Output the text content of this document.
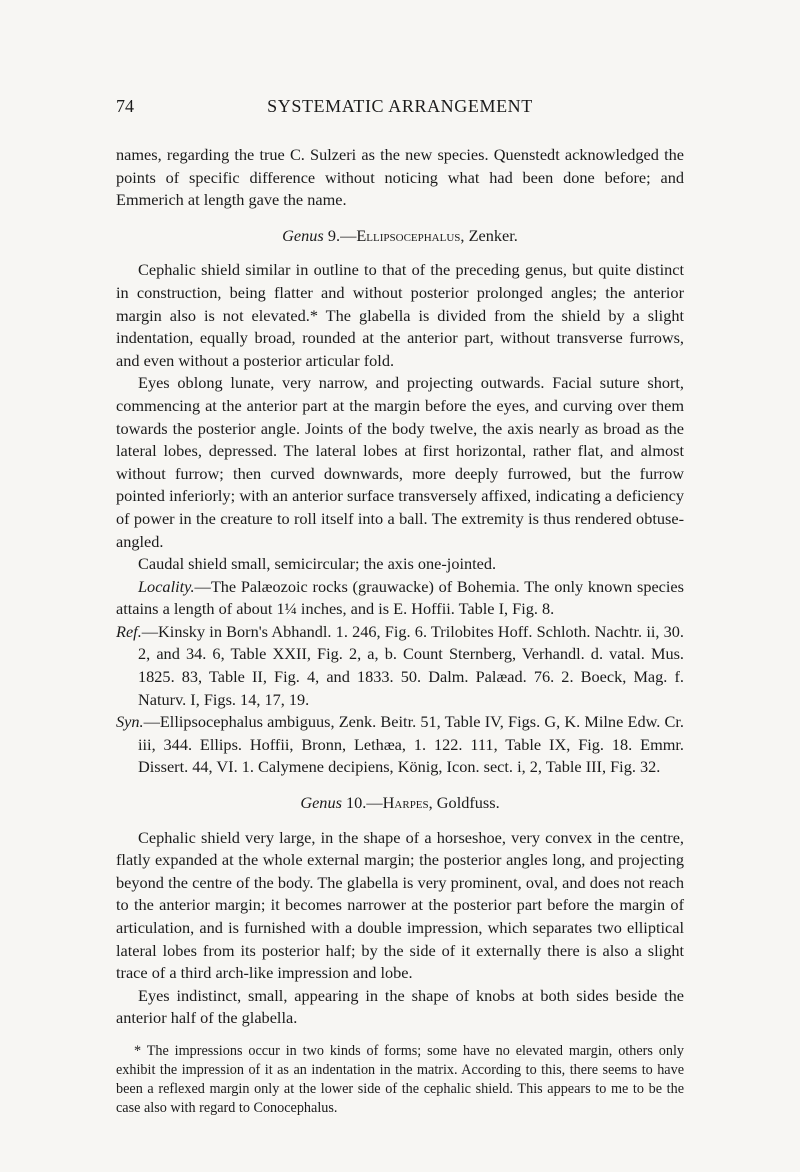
74	SYSTEMATIC ARRANGEMENT

names, regarding the true C. Sulzeri as the new species. Quenstedt acknowledged the points of specific difference without noticing what had been done before; and Emmerich at length gave the name.

Genus 9.—Ellipsocephalus, Zenker.

Cephalic shield similar in outline to that of the preceding genus, but quite distinct in construction, being flatter and without posterior prolonged angles; the anterior margin also is not elevated.* The glabella is divided from the shield by a slight indentation, equally broad, rounded at the anterior part, without transverse furrows, and even without a posterior articular fold.

Eyes oblong lunate, very narrow, and projecting outwards. Facial suture short, commencing at the anterior part at the margin before the eyes, and curving over them towards the posterior angle. Joints of the body twelve, the axis nearly as broad as the lateral lobes, depressed. The lateral lobes at first horizontal, rather flat, and almost without furrow; then curved downwards, more deeply furrowed, but the furrow pointed inferiorly; with an anterior surface transversely affixed, indicating a deficiency of power in the creature to roll itself into a ball. The extremity is thus rendered obtuse-angled.

Caudal shield small, semicircular; the axis one-jointed.

Locality.—The Palæozoic rocks (grauwacke) of Bohemia. The only known species attains a length of about 1¼ inches, and is E. Hoffii. Table I, Fig. 8.

Ref.—Kinsky in Born's Abhandl. 1. 246, Fig. 6. Trilobites Hoff. Schloth. Nachtr. ii, 30. 2, and 34. 6, Table XXII, Fig. 2, a, b. Count Sternberg, Verhandl. d. vatal. Mus. 1825. 83, Table II, Fig. 4, and 1833. 50. Dalm. Palæad. 76. 2. Boeck, Mag. f. Naturv. I, Figs. 14, 17, 19.

Syn.—Ellipsocephalus ambiguus, Zenk. Beitr. 51, Table IV, Figs. G, K. Milne Edw. Cr. iii, 344. Ellips. Hoffii, Bronn, Lethæa, 1. 122. 111, Table IX, Fig. 18. Emmr. Dissert. 44, VI. 1. Calymene decipiens, König, Icon. sect. i, 2, Table III, Fig. 32.

Genus 10.—Harpes, Goldfuss.

Cephalic shield very large, in the shape of a horseshoe, very convex in the centre, flatly expanded at the whole external margin; the posterior angles long, and projecting beyond the centre of the body. The glabella is very prominent, oval, and does not reach to the anterior margin; it becomes narrower at the posterior part before the margin of articulation, and is furnished with a double impression, which separates two elliptical lateral lobes from its posterior half; by the side of it externally there is also a slight trace of a third arch-like impression and lobe.

Eyes indistinct, small, appearing in the shape of knobs at both sides beside the anterior half of the glabella.

* The impressions occur in two kinds of forms; some have no elevated margin, others only exhibit the impression of it as an indentation in the matrix. According to this, there seems to have been a reflexed margin only at the lower side of the cephalic shield. This appears to me to be the case also with regard to Conocephalus.
